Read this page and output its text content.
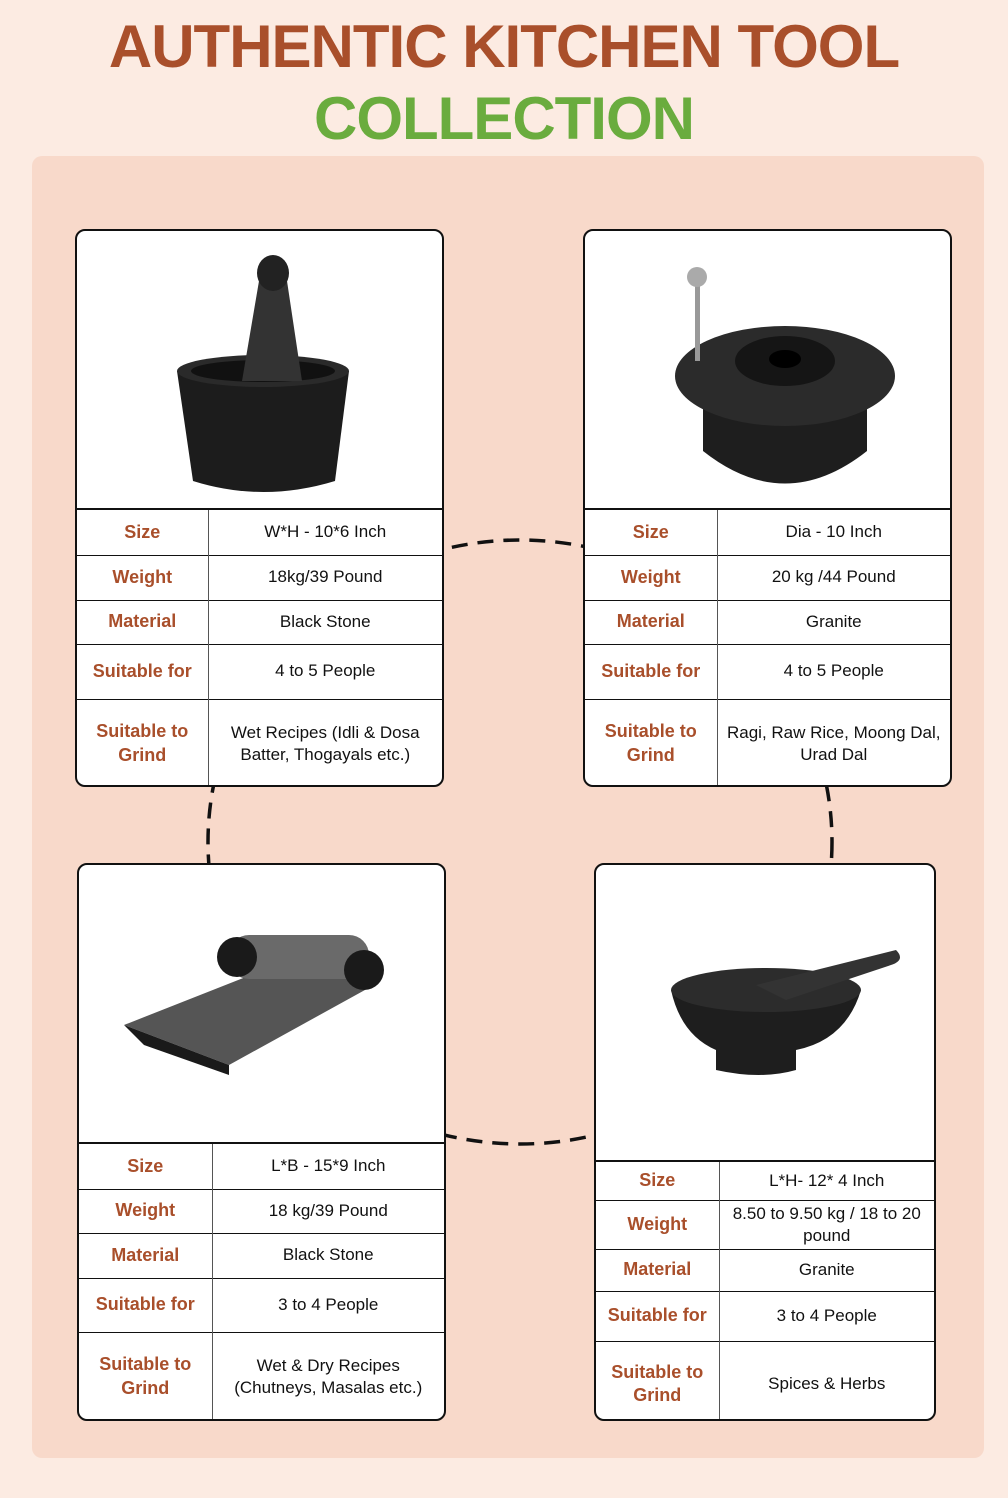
AUTHENTIC KITCHEN TOOL
COLLECTION
Size	W*H - 10*6 Inch
Weight	18kg/39 Pound
Material	Black Stone
Suitable for	4 to 5 People
Suitable to Grind	Wet Recipes (Idli & Dosa Batter, Thogayals etc.)
Size	Dia - 10 Inch
Weight	20 kg /44 Pound
Material	Granite
Suitable for	4 to 5 People
Suitable to Grind	Ragi, Raw Rice, Moong Dal, Urad Dal
Size	L*B - 15*9 Inch
Weight	18 kg/39 Pound
Material	Black Stone
Suitable for	3 to 4 People
Suitable to Grind	Wet & Dry Recipes (Chutneys, Masalas etc.)
Size	L*H- 12* 4 Inch
Weight	8.50 to 9.50 kg / 18 to 20 pound
Material	Granite
Suitable for	3 to 4 People
Suitable to Grind	Spices & Herbs
